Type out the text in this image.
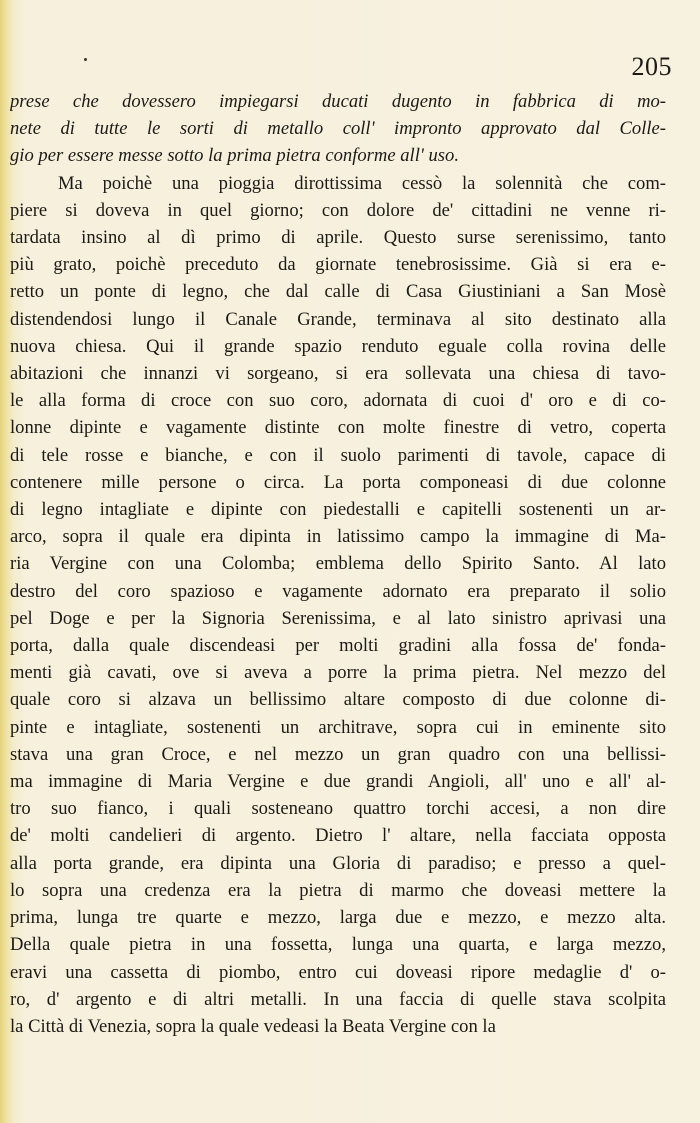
205
prese che dovessero impiegarsi ducati dugento in fabbrica di mo-
nete di tutte le sorti di metallo coll' impronto approvato dal Colle-
gio per essere messe sotto la prima pietra conforme all' uso.
Ma poichè una pioggia dirottissima cessò la solennità che com-
piere si doveva in quel giorno; con dolore de' cittadini ne venne ri-
tardata insino al dì primo di aprile. Questo surse serenissimo, tanto
più grato, poichè preceduto da giornate tenebrosissime. Già si era e-
retto un ponte di legno, che dal calle di Casa Giustiniani a San Mosè
distendendosi lungo il Canale Grande, terminava al sito destinato alla
nuova chiesa. Qui il grande spazio renduto eguale colla rovina delle
abitazioni che innanzi vi sorgeano, si era sollevata una chiesa di tavo-
le alla forma di croce con suo coro, adornata di cuoi d' oro e di co-
lonne dipinte e vagamente distinte con molte finestre di vetro, coperta
di tele rosse e bianche, e con il suolo parimenti di tavole, capace di
contenere mille persone o circa. La porta componeasi di due colonne
di legno intagliate e dipinte con piedestalli e capitelli sostenenti un ar-
arco, sopra il quale era dipinta in latissimo campo la immagine di Ma-
ria Vergine con una Colomba; emblema dello Spirito Santo. Al lato
destro del coro spazioso e vagamente adornato era preparato il solio
pel Doge e per la Signoria Serenissima, e al lato sinistro aprivasi una
porta, dalla quale discendeasi per molti gradini alla fossa de' fonda-
menti già cavati, ove si aveva a porre la prima pietra. Nel mezzo del
quale coro si alzava un bellissimo altare composto di due colonne di-
pinte e intagliate, sostenenti un architrave, sopra cui in eminente sito
stava una gran Croce, e nel mezzo un gran quadro con una bellissi-
ma immagine di Maria Vergine e due grandi Angioli, all' uno e all' al-
tro suo fianco, i quali sosteneano quattro torchi accesi, a non dire
de' molti candelieri di argento. Dietro l' altare, nella facciata opposta
alla porta grande, era dipinta una Gloria di paradiso; e presso a quel-
lo sopra una credenza era la pietra di marmo che doveasi mettere la
prima, lunga tre quarte e mezzo, larga due e mezzo, e mezzo alta.
Della quale pietra in una fossetta, lunga una quarta, e larga mezzo,
eravi una cassetta di piombo, entro cui doveasi ripore medaglie d' o-
ro, d' argento e di altri metalli. In una faccia di quelle stava scolpita
la Città di Venezia, sopra la quale vedeasi la Beata Vergine con la
